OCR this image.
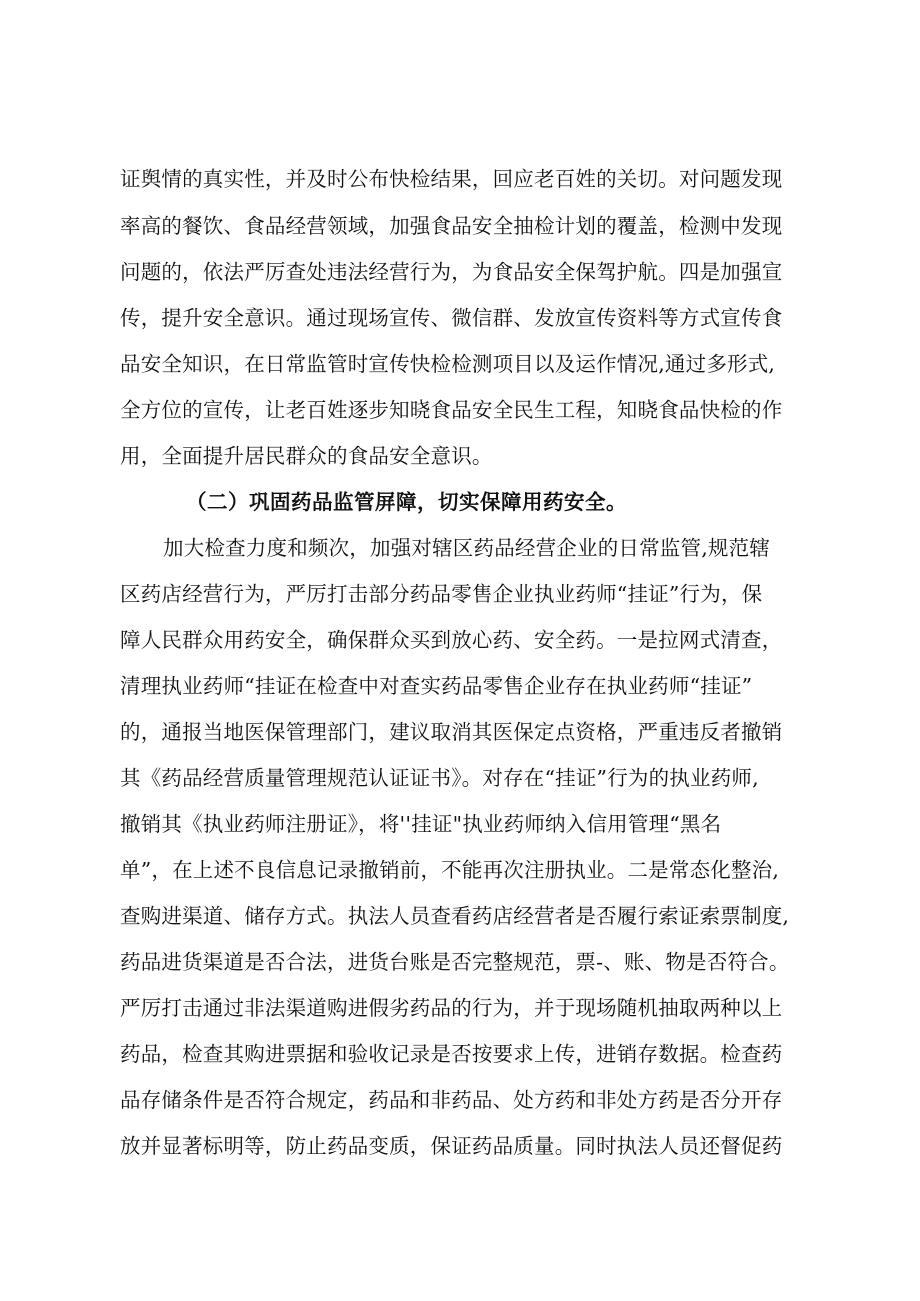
证舆情的真实性，并及时公布快检结果，回应老百姓的关切。对问题发现
率高的餐饮、食品经营领域，加强食品安全抽检计划的覆盖，检测中发现
问题的，依法严厉查处违法经营行为，为食品安全保驾护航。四是加强宣
传，提升安全意识。通过现场宣传、微信群、发放宣传资料等方式宣传食
品安全知识，在日常监管时宣传快检检测项目以及运作情况,通过多形式,
全方位的宣传，让老百姓逐步知晓食品安全民生工程，知晓食品快检的作
用，全面提升居民群众的食品安全意识。
（二）巩固药品监管屏障，切实保障用药安全。
加大检查力度和频次，加强对辖区药品经营企业的日常监管,规范辖
区药店经营行为，严厉打击部分药品零售企业执业药师“挂证”行为，保
障人民群众用药安全，确保群众买到放心药、安全药。一是拉网式清查，
清理执业药师“挂证在检查中对查实药品零售企业存在执业药师“挂证”
的，通报当地医保管理部门，建议取消其医保定点资格，严重违反者撤销
其《药品经营质量管理规范认证证书》。对存在“挂证”行为的执业药师,
撤销其《执业药师注册证》，将''挂证"执业药师纳入信用管理“黑名
单”，在上述不良信息记录撤销前，不能再次注册执业。二是常态化整治,
查购进渠道、储存方式。执法人员查看药店经营者是否履行索证索票制度,
药品进货渠道是否合法，进货台账是否完整规范，票-、账、物是否符合。
严厉打击通过非法渠道购进假劣药品的行为，并于现场随机抽取两种以上
药品，检查其购进票据和验收记录是否按要求上传，进销存数据。检查药
品存储条件是否符合规定，药品和非药品、处方药和非处方药是否分开存
放并显著标明等，防止药品变质，保证药品质量。同时执法人员还督促药
